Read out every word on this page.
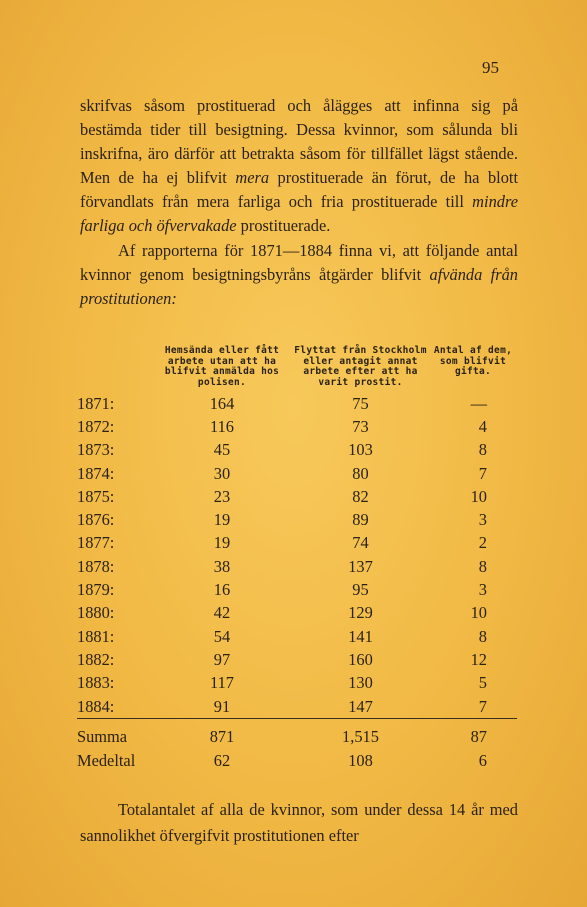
95

skrifvas såsom prostituerad och ålägges att infinna sig på bestämda tider till besigtning. Dessa kvinnor, som sålunda bli inskrifna, äro därför att betrakta såsom för tillfället lägst stående. Men de ha ej blifvit mera prostituerade än förut, de ha blott förvandlats från mera farliga och fria prostituerade till mindre farliga och öfvervakade prostituerade.

Af rapporterna för 1871—1884 finna vi, att följande antal kvinnor genom besigtningsbyråns åtgärder blifvit afvända från prostitutionen:

	Hemsända eller fått arbete utan att ha blifvit anmälda hos polisen.	Flyttat från Stockholm eller antagit annat arbete efter att ha varit prostit.	Antal af dem, som blifvit gifta.
1871:	164	75	—
1872:	116	73	4
1873:	45	103	8
1874:	30	80	7
1875:	23	82	10
1876:	19	89	3
1877:	19	74	2
1878:	38	137	8
1879:	16	95	3
1880:	42	129	10
1881:	54	141	8
1882:	97	160	12
1883:	117	130	5
1884:	91	147	7
Summa	871	1,515	87
Medeltal	62	108	6

Totalantalet af alla de kvinnor, som under dessa 14 år med sannolikhet öfvergifvit prostitutionen efter
